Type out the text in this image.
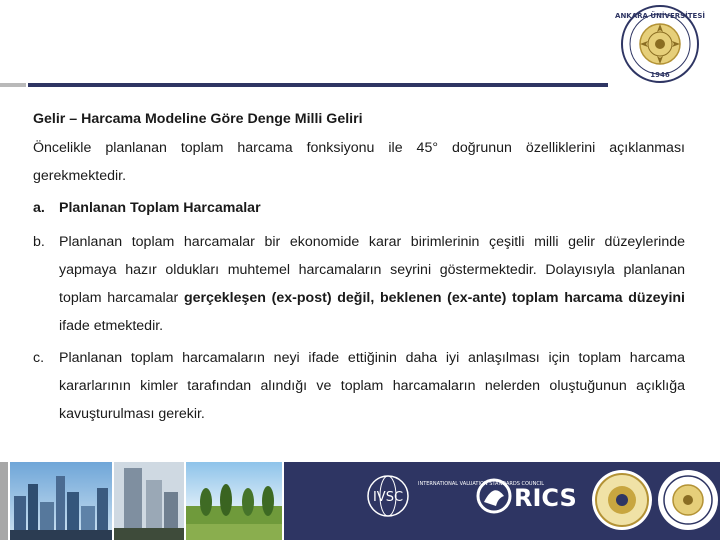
ANKARA ÜNİVERSİTESİ
1946
Gelir – Harcama Modeline Göre Denge Milli Geliri
Öncelikle planlanan toplam harcama fonksiyonu ile 45° doğrunun özelliklerini açıklanması gerekmektedir.
a. Planlanan Toplam Harcamalar
b. Planlanan toplam harcamalar bir ekonomide karar birimlerinin çeşitli milli gelir düzeylerinde yapmaya hazır oldukları muhtemel harcamaların seyrini göstermektedir. Dolayısıyla planlanan toplam harcamalar gerçekleşen (ex-post) değil, beklenen (ex-ante) toplam harcama düzeyini ifade etmektedir.
c. Planlanan toplam harcamaların neyi ifade ettiğinin daha iyi anlaşılması için toplam harcama kararlarının kimler tarafından alındığı ve toplam harcamaların nelerden oluştuğunun açıklığa kavuşturulması gerekir.
IVSC
INTERNATIONAL VALUATION STANDARDS COUNCIL
RICS
